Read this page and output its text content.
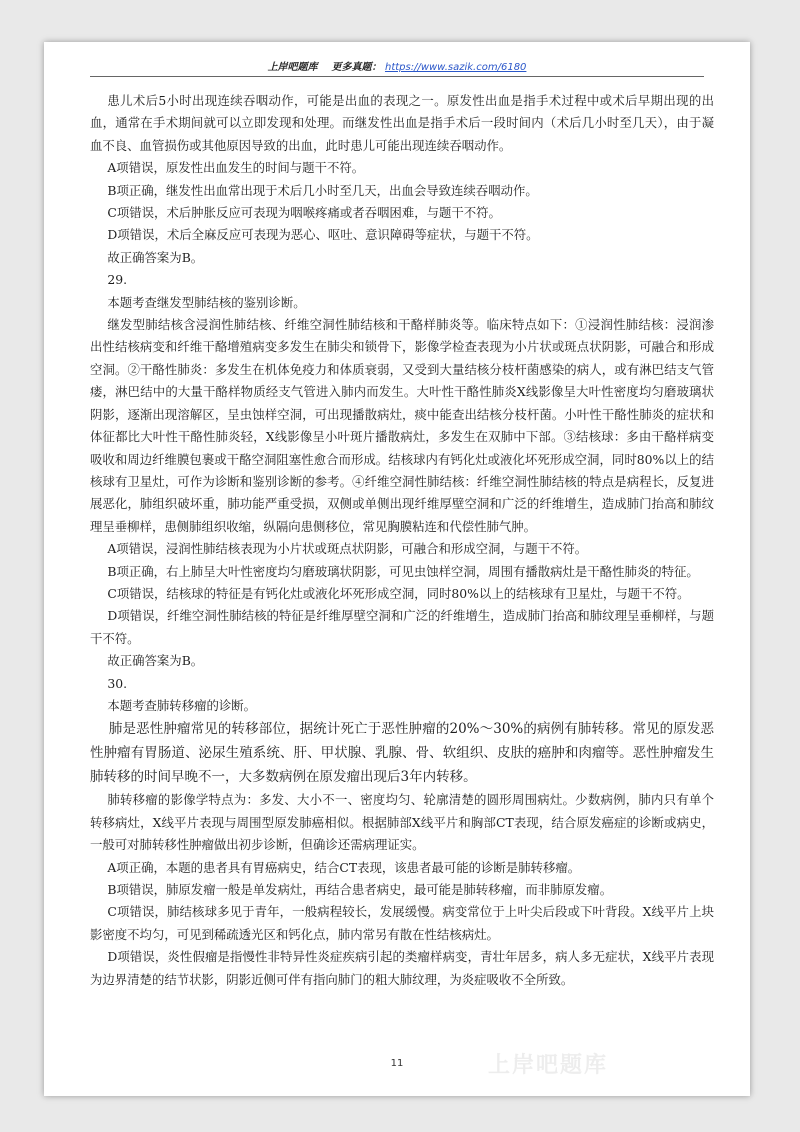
上岸吧题库 更多真题： https://www.sazik.com/6180

患儿术后5小时出现连续吞咽动作，可能是出血的表现之一。原发性出血是指手术过程中或术后早期出现的出血，通常在手术期间就可以立即发现和处理。而继发性出血是指手术后一段时间内（术后几小时至几天），由于凝血不良、血管损伤或其他原因导致的出血，此时患儿可能出现连续吞咽动作。

A项错误，原发性出血发生的时间与题干不符。

B项正确，继发性出血常出现于术后几小时至几天，出血会导致连续吞咽动作。

C项错误，术后肿胀反应可表现为咽喉疼痛或者吞咽困难，与题干不符。

D项错误，术后全麻反应可表现为恶心、呕吐、意识障碍等症状，与题干不符。

故正确答案为B。

29.

本题考查继发型肺结核的鉴别诊断。

继发型肺结核含浸润性肺结核、纤维空洞性肺结核和干酪样肺炎等。临床特点如下：①浸润性肺结核：浸润渗出性结核病变和纤维干酪增殖病变多发生在肺尖和锁骨下，影像学检查表现为小片状或斑点状阴影，可融合和形成空洞。②干酪性肺炎：多发生在机体免疫力和体质衰弱，又受到大量结核分枝杆菌感染的病人，或有淋巴结支气管瘘，淋巴结中的大量干酪样物质经支气管进入肺内而发生。大叶性干酪性肺炎X线影像呈大叶性密度均匀磨玻璃状阴影，逐渐出现溶解区，呈虫蚀样空洞，可出现播散病灶，痰中能查出结核分枝杆菌。小叶性干酪性肺炎的症状和体征都比大叶性干酪性肺炎轻，X线影像呈小叶斑片播散病灶，多发生在双肺中下部。③结核球：多由干酪样病变吸收和周边纤维膜包裹或干酪空洞阻塞性愈合而形成。结核球内有钙化灶或液化坏死形成空洞，同时80%以上的结核球有卫星灶，可作为诊断和鉴别诊断的参考。④纤维空洞性肺结核：纤维空洞性肺结核的特点是病程长，反复进展恶化，肺组织破坏重，肺功能严重受损，双侧或单侧出现纤维厚壁空洞和广泛的纤维增生，造成肺门抬高和肺纹理呈垂柳样，患侧肺组织收缩，纵隔向患侧移位，常见胸膜粘连和代偿性肺气肿。

A项错误，浸润性肺结核表现为小片状或斑点状阴影，可融合和形成空洞，与题干不符。

B项正确，右上肺呈大叶性密度均匀磨玻璃状阴影，可见虫蚀样空洞，周围有播散病灶是干酪性肺炎的特征。

C项错误，结核球的特征是有钙化灶或液化坏死形成空洞，同时80%以上的结核球有卫星灶，与题干不符。

D项错误，纤维空洞性肺结核的特征是纤维厚壁空洞和广泛的纤维增生，造成肺门抬高和肺纹理呈垂柳样，与题干不符。

故正确答案为B。

30.

本题考查肺转移瘤的诊断。

肺是恶性肿瘤常见的转移部位，据统计死亡于恶性肿瘤的20%～30%的病例有肺转移。常见的原发恶性肿瘤有胃肠道、泌尿生殖系统、肝、甲状腺、乳腺、骨、软组织、皮肤的癌肿和肉瘤等。恶性肿瘤发生肺转移的时间早晚不一，大多数病例在原发瘤出现后3年内转移。

肺转移瘤的影像学特点为：多发、大小不一、密度均匀、轮廓清楚的圆形周围病灶。少数病例，肺内只有单个转移病灶，X线平片表现与周围型原发肺癌相似。根据肺部X线平片和胸部CT表现，结合原发癌症的诊断或病史，一般可对肺转移性肿瘤做出初步诊断，但确诊还需病理证实。

A项正确，本题的患者具有胃癌病史，结合CT表现，该患者最可能的诊断是肺转移瘤。

B项错误，肺原发瘤一般是单发病灶，再结合患者病史，最可能是肺转移瘤，而非肺原发瘤。

C项错误，肺结核球多见于青年，一般病程较长，发展缓慢。病变常位于上叶尖后段或下叶背段。X线平片上块影密度不均匀，可见到稀疏透光区和钙化点，肺内常另有散在性结核病灶。

D项错误，炎性假瘤是指慢性非特异性炎症疾病引起的类瘤样病变，青壮年居多，病人多无症状，X线平片表现为边界清楚的结节状影，阴影近侧可伴有指向肺门的粗大肺纹理，为炎症吸收不全所致。

11	上岸吧题库
